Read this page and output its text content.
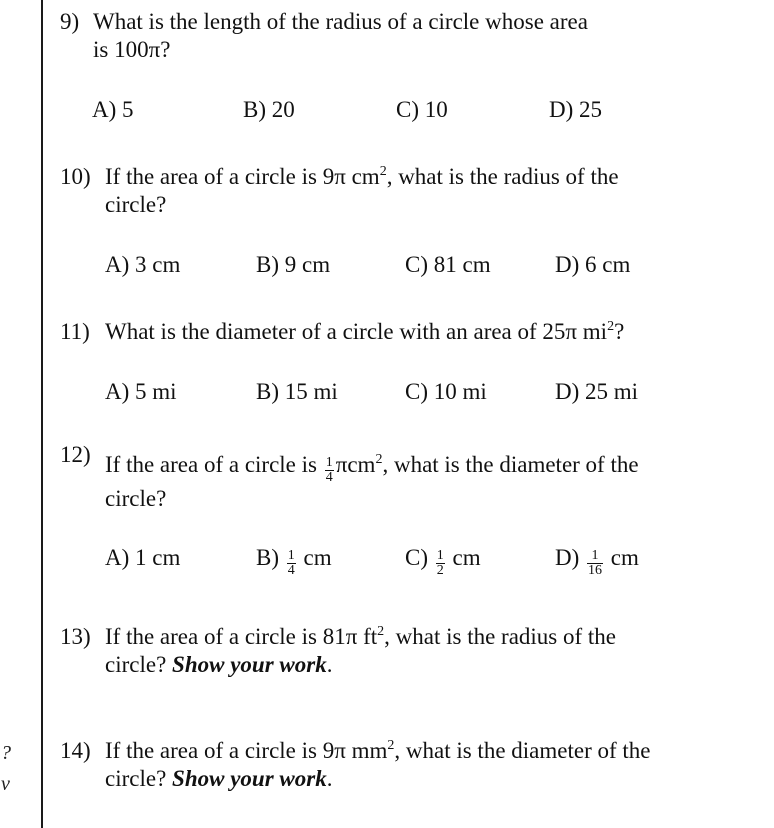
?
v
9) What is the length of the radius of a circle whose area
is 100π?
A) 5	B) 20	C) 10	D) 25
10) If the area of a circle is 9π $cm^2$, what is the radius of the
circle?
A) 3 cm	B) 9 cm	C) 81 cm	D) 6 cm
11) What is the diameter of a circle with an area of 25π $mi^2$?
A) 5 mi	B) 15 mi	C) 10 mi	D) 25 mi
12) If the area of a circle is $\frac{1}{4} \pi cm^2$, what is the diameter of the
circle?
A) 1 cm	$B) \frac{1}{4}$ cm	$C) \frac{1}{2}$ cm	$D) \frac{1}{16}$ cm
13) If the area of a circle is 81π $ft^2$, what is the radius of the
circle? Show your work.
14) If the area of a circle is 9π $mm^2$, what is the diameter of the
circle? Show your work.
